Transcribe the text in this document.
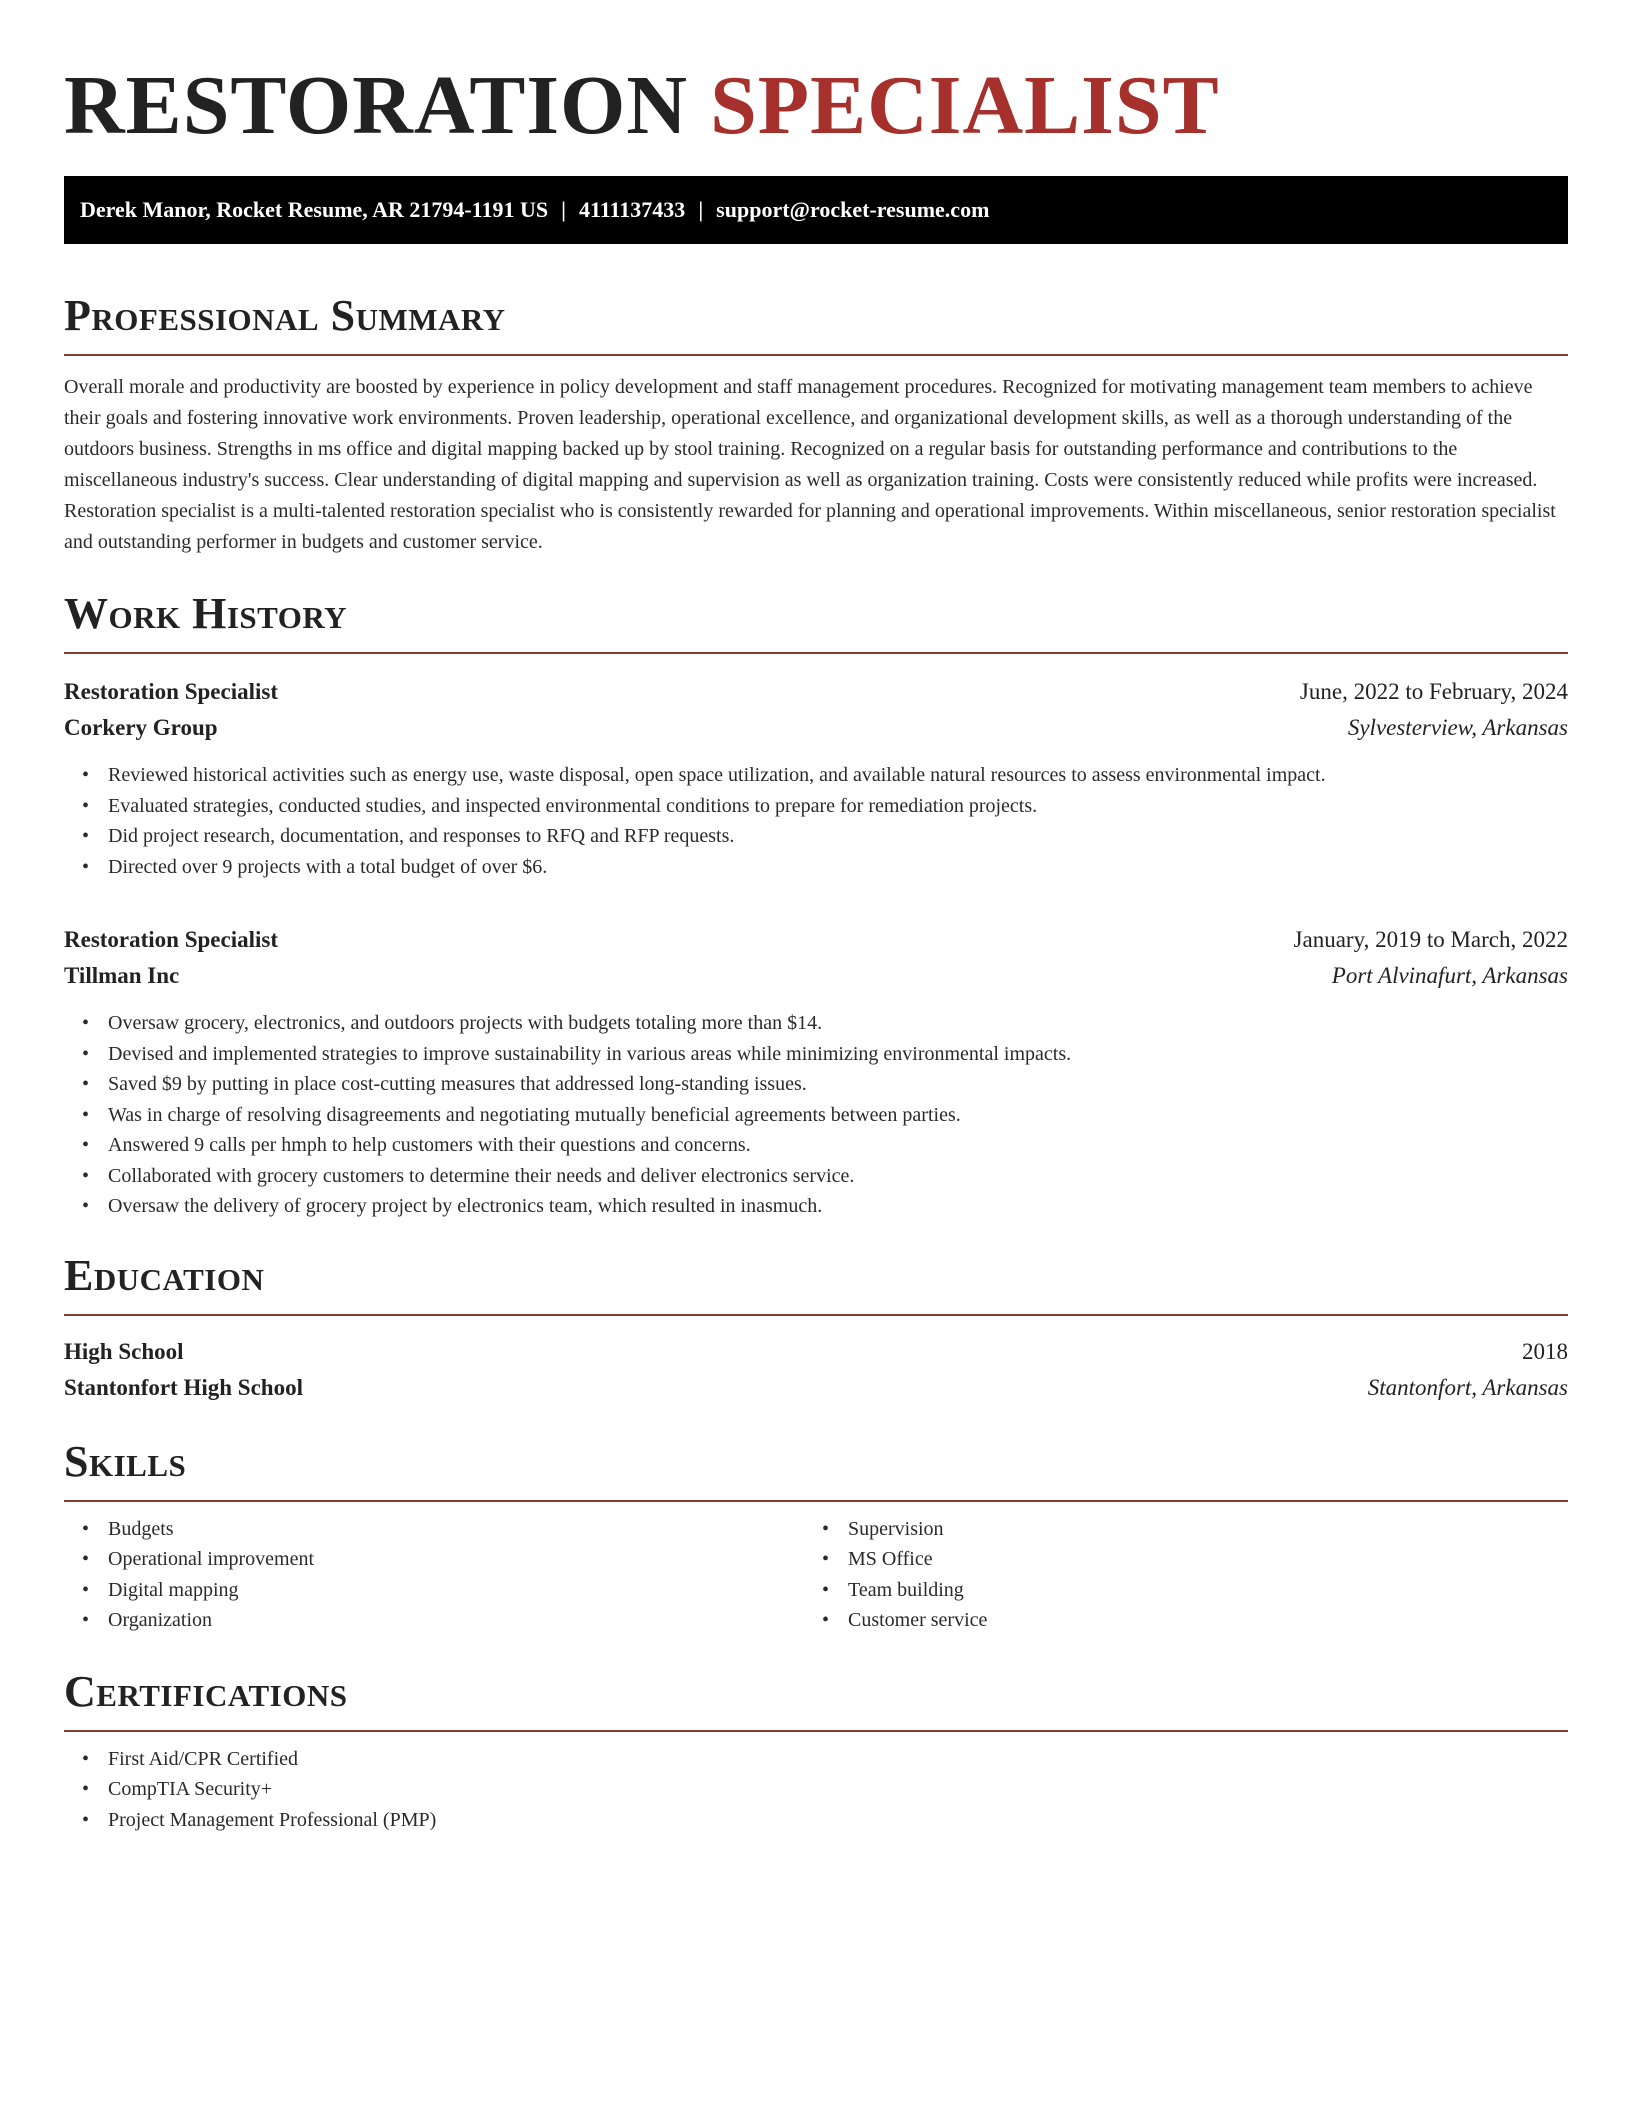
RESTORATION SPECIALIST
Derek Manor, Rocket Resume, AR 21794-1191 US | 4111137433 | support@rocket-resume.com
Professional Summary

Overall morale and productivity are boosted by experience in policy development and staff management procedures. Recognized for motivating management team members to achieve their goals and fostering innovative work environments. Proven leadership, operational excellence, and organizational development skills, as well as a thorough understanding of the outdoors business. Strengths in ms office and digital mapping backed up by stool training. Recognized on a regular basis for outstanding performance and contributions to the miscellaneous industry's success. Clear understanding of digital mapping and supervision as well as organization training. Costs were consistently reduced while profits were increased. Restoration specialist is a multi-talented restoration specialist who is consistently rewarded for planning and operational improvements. Within miscellaneous, senior restoration specialist and outstanding performer in budgets and customer service.

Work History
Restoration Specialist	June, 2022 to February, 2024
Corkery Group	Sylvesterview, Arkansas
• Reviewed historical activities such as energy use, waste disposal, open space utilization, and available natural resources to assess environmental impact.
• Evaluated strategies, conducted studies, and inspected environmental conditions to prepare for remediation projects.
• Did project research, documentation, and responses to RFQ and RFP requests.
• Directed over 9 projects with a total budget of over $6.
Restoration Specialist	January, 2019 to March, 2022
Tillman Inc	Port Alvinafurt, Arkansas
• Oversaw grocery, electronics, and outdoors projects with budgets totaling more than $14.
• Devised and implemented strategies to improve sustainability in various areas while minimizing environmental impacts.
• Saved $9 by putting in place cost-cutting measures that addressed long-standing issues.
• Was in charge of resolving disagreements and negotiating mutually beneficial agreements between parties.
• Answered 9 calls per hmph to help customers with their questions and concerns.
• Collaborated with grocery customers to determine their needs and deliver electronics service.
• Oversaw the delivery of grocery project by electronics team, which resulted in inasmuch.
Education
High School	2018
Stantonfort High School	Stantonfort, Arkansas
Skills
• Budgets
• Operational improvement
• Digital mapping
• Organization
• Supervision
• MS Office
• Team building
• Customer service
Certifications
• First Aid/CPR Certified
• CompTIA Security+
• Project Management Professional (PMP)
